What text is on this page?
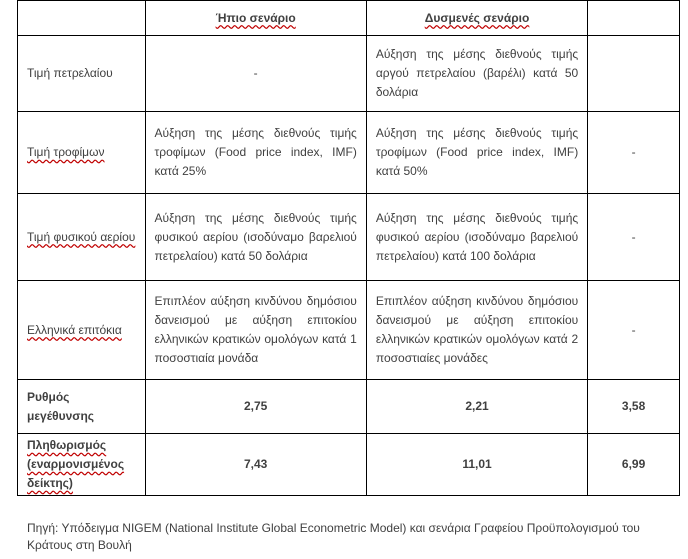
	Ήπιο σενάριο	Δυσμενές σενάριο	
Τιμή πετρελαίου	-	Αύξηση της μέσης διεθνούς τιμής αργού πετρελαίου (βαρέλι) κατά 50 δολάρια	
Τιμή τροφίμων	Αύξηση της μέσης διεθνούς τιμής τροφίμων (Food price index, IMF) κατά 25%	Αύξηση της μέσης διεθνούς τιμής τροφίμων (Food price index, IMF) κατά 50%	-
Τιμή φυσικού αερίου	Αύξηση της μέσης διεθνούς τιμής φυσικού αερίου (ισοδύναμο βαρελιού πετρελαίου) κατά 50 δολάρια	Αύξηση της μέσης διεθνούς τιμής φυσικού αερίου (ισοδύναμο βαρελιού πετρελαίου) κατά 100 δολάρια	-
Ελληνικά επιτόκια	Επιπλέον αύξηση κινδύνου δημόσιου δανεισμού με αύξηση επιτοκίου ελληνικών κρατικών ομολόγων κατά 1 ποσοστιαία μονάδα	Επιπλέον αύξηση κινδύνου δημόσιου δανεισμού με αύξηση επιτοκίου ελληνικών κρατικών ομολόγων κατά 2 ποσοστιαίες μονάδες	-
Ρυθμός μεγέθυνσης	2,75	2,21	3,58
Πληθωρισμός (εναρμονισμένος δείκτης)	7,43	11,01	6,99
Πηγή: Υπόδειγμα NIGEM (National Institute Global Econometric Model) και σενάρια Γραφείου Προϋπολογισμού του Κράτους στη Βουλή
